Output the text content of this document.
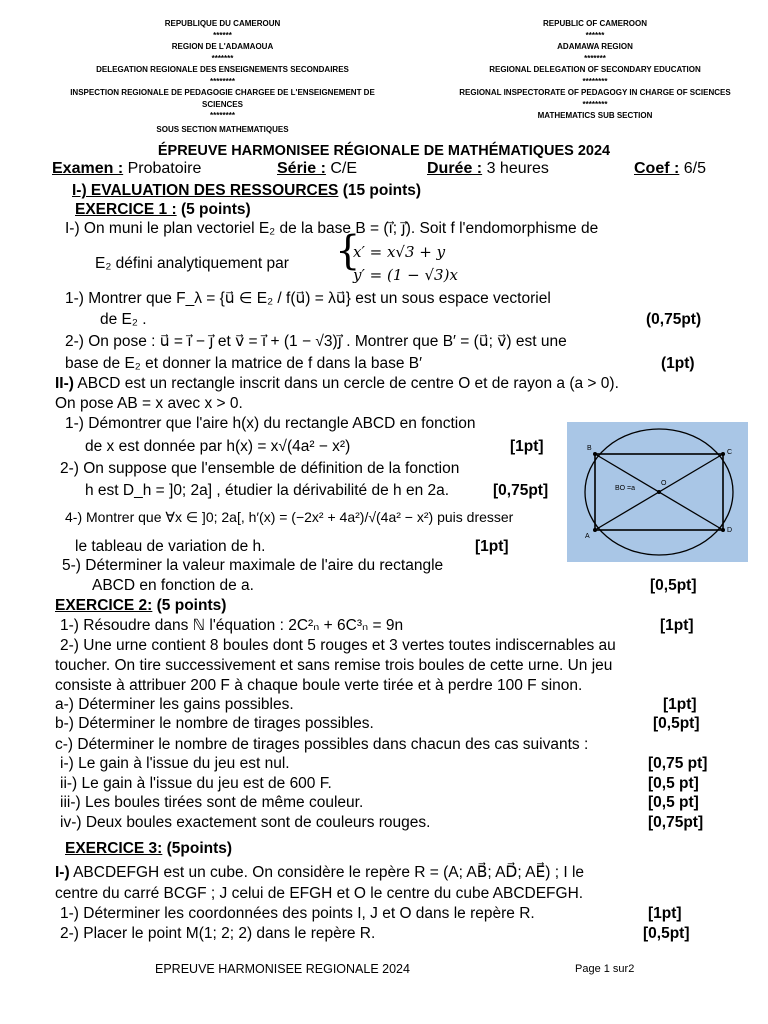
REPUBLIQUE DU CAMEROUN
******
REGION DE L'ADAMAOUA
*******
DELEGATION REGIONALE DES ENSEIGNEMENTS SECONDAIRES
********
INSPECTION REGIONALE DE PEDAGOGIE CHARGEE DE L'ENSEIGNEMENT DE SCIENCES
********
SOUS SECTION MATHEMATIQUES
REPUBLIC OF CAMEROON
******
ADAMAWA REGION
*******
REGIONAL DELEGATION OF SECONDARY EDUCATION
********
REGIONAL INSPECTORATE OF PEDAGOGY IN CHARGE OF SCIENCES
********
MATHEMATICS SUB SECTION
ÉPREUVE HARMONISEE RÉGIONALE DE MATHÉMATIQUES 2024
Examen : Probatoire	Série : C/E	Durée : 3 heures	Coef : 6/5
I-) EVALUATION DES RESSOURCES (15 points)
EXERCICE 1 : (5 points)
I-) On muni le plan vectoriel E₂ de la base B = (i⃗; j⃗). Soit f l'endomorphisme de
E₂ défini analytiquement par {
x′ = x√3 + y
y′ = (1 − √3)x
1-) Montrer que F_λ = {u⃗ ∈ E₂ / f(u⃗) = λu⃗} est un sous espace vectoriel
de E₂ .	(0,75pt)
2-) On pose : u⃗ = i⃗ − j⃗ et v⃗ = i⃗ + (1 − √3)j⃗ . Montrer que B′ = (u⃗; v⃗) est une
base de E₂ et donner la matrice de f dans la base B′	(1pt)
II-) ABCD est un rectangle inscrit dans un cercle de centre O et de rayon a (a > 0).
On pose AB = x avec x > 0.
1-) Démontrer que l'aire h(x) du rectangle ABCD en fonction
de x est donnée par h(x) = x√(4a² − x²)	[1pt]
2-) On suppose que l'ensemble de définition de la fonction
h est D_h = ]0; 2a] , étudier la dérivabilité de h en 2a.	[0,75pt]
4-) Montrer que ∀x ∈ ]0; 2a[, h′(x) = (−2x² + 4a²)/√(4a² − x²) puis dresser
le tableau de variation de h.	[1pt]
5-) Déterminer la valeur maximale de l'aire du rectangle
ABCD en fonction de a.	[0,5pt]
B
C
O
A
D
BO =a
EXERCICE 2: (5 points)
1-) Résoudre dans ℕ l'équation : 2C²ₙ + 6C³ₙ = 9n	[1pt]
2-) Une urne contient 8 boules dont 5 rouges et 3 vertes toutes indiscernables au
toucher. On tire successivement et sans remise trois boules de cette urne. Un jeu
consiste à attribuer 200 F à chaque boule verte tirée et à perdre 100 F sinon.
a-) Déterminer les gains possibles.	[1pt]
b-) Déterminer le nombre de tirages possibles.	[0,5pt]
c-) Déterminer le nombre de tirages possibles dans chacun des cas suivants :
i-) Le gain à l'issue du jeu est nul.	[0,75 pt]
ii-) Le gain à l'issue du jeu est de 600 F.	[0,5 pt]
iii-) Les boules tirées sont de même couleur.	[0,5 pt]
iv-) Deux boules exactement sont de couleurs rouges.	[0,75pt]
EXERCICE 3: (5points)
I-) ABCDEFGH est un cube. On considère le repère R = (A; AB⃗; AD⃗; AE⃗) ; I le
centre du carré BCGF ; J celui de EFGH et O le centre du cube ABCDEFGH.
1-) Déterminer les coordonnées des points I, J et O dans le repère R.	[1pt]
2-) Placer le point M(1; 2; 2) dans le repère R.	[0,5pt]
EPREUVE HARMONISEE REGIONALE 2024	Page 1 sur2
